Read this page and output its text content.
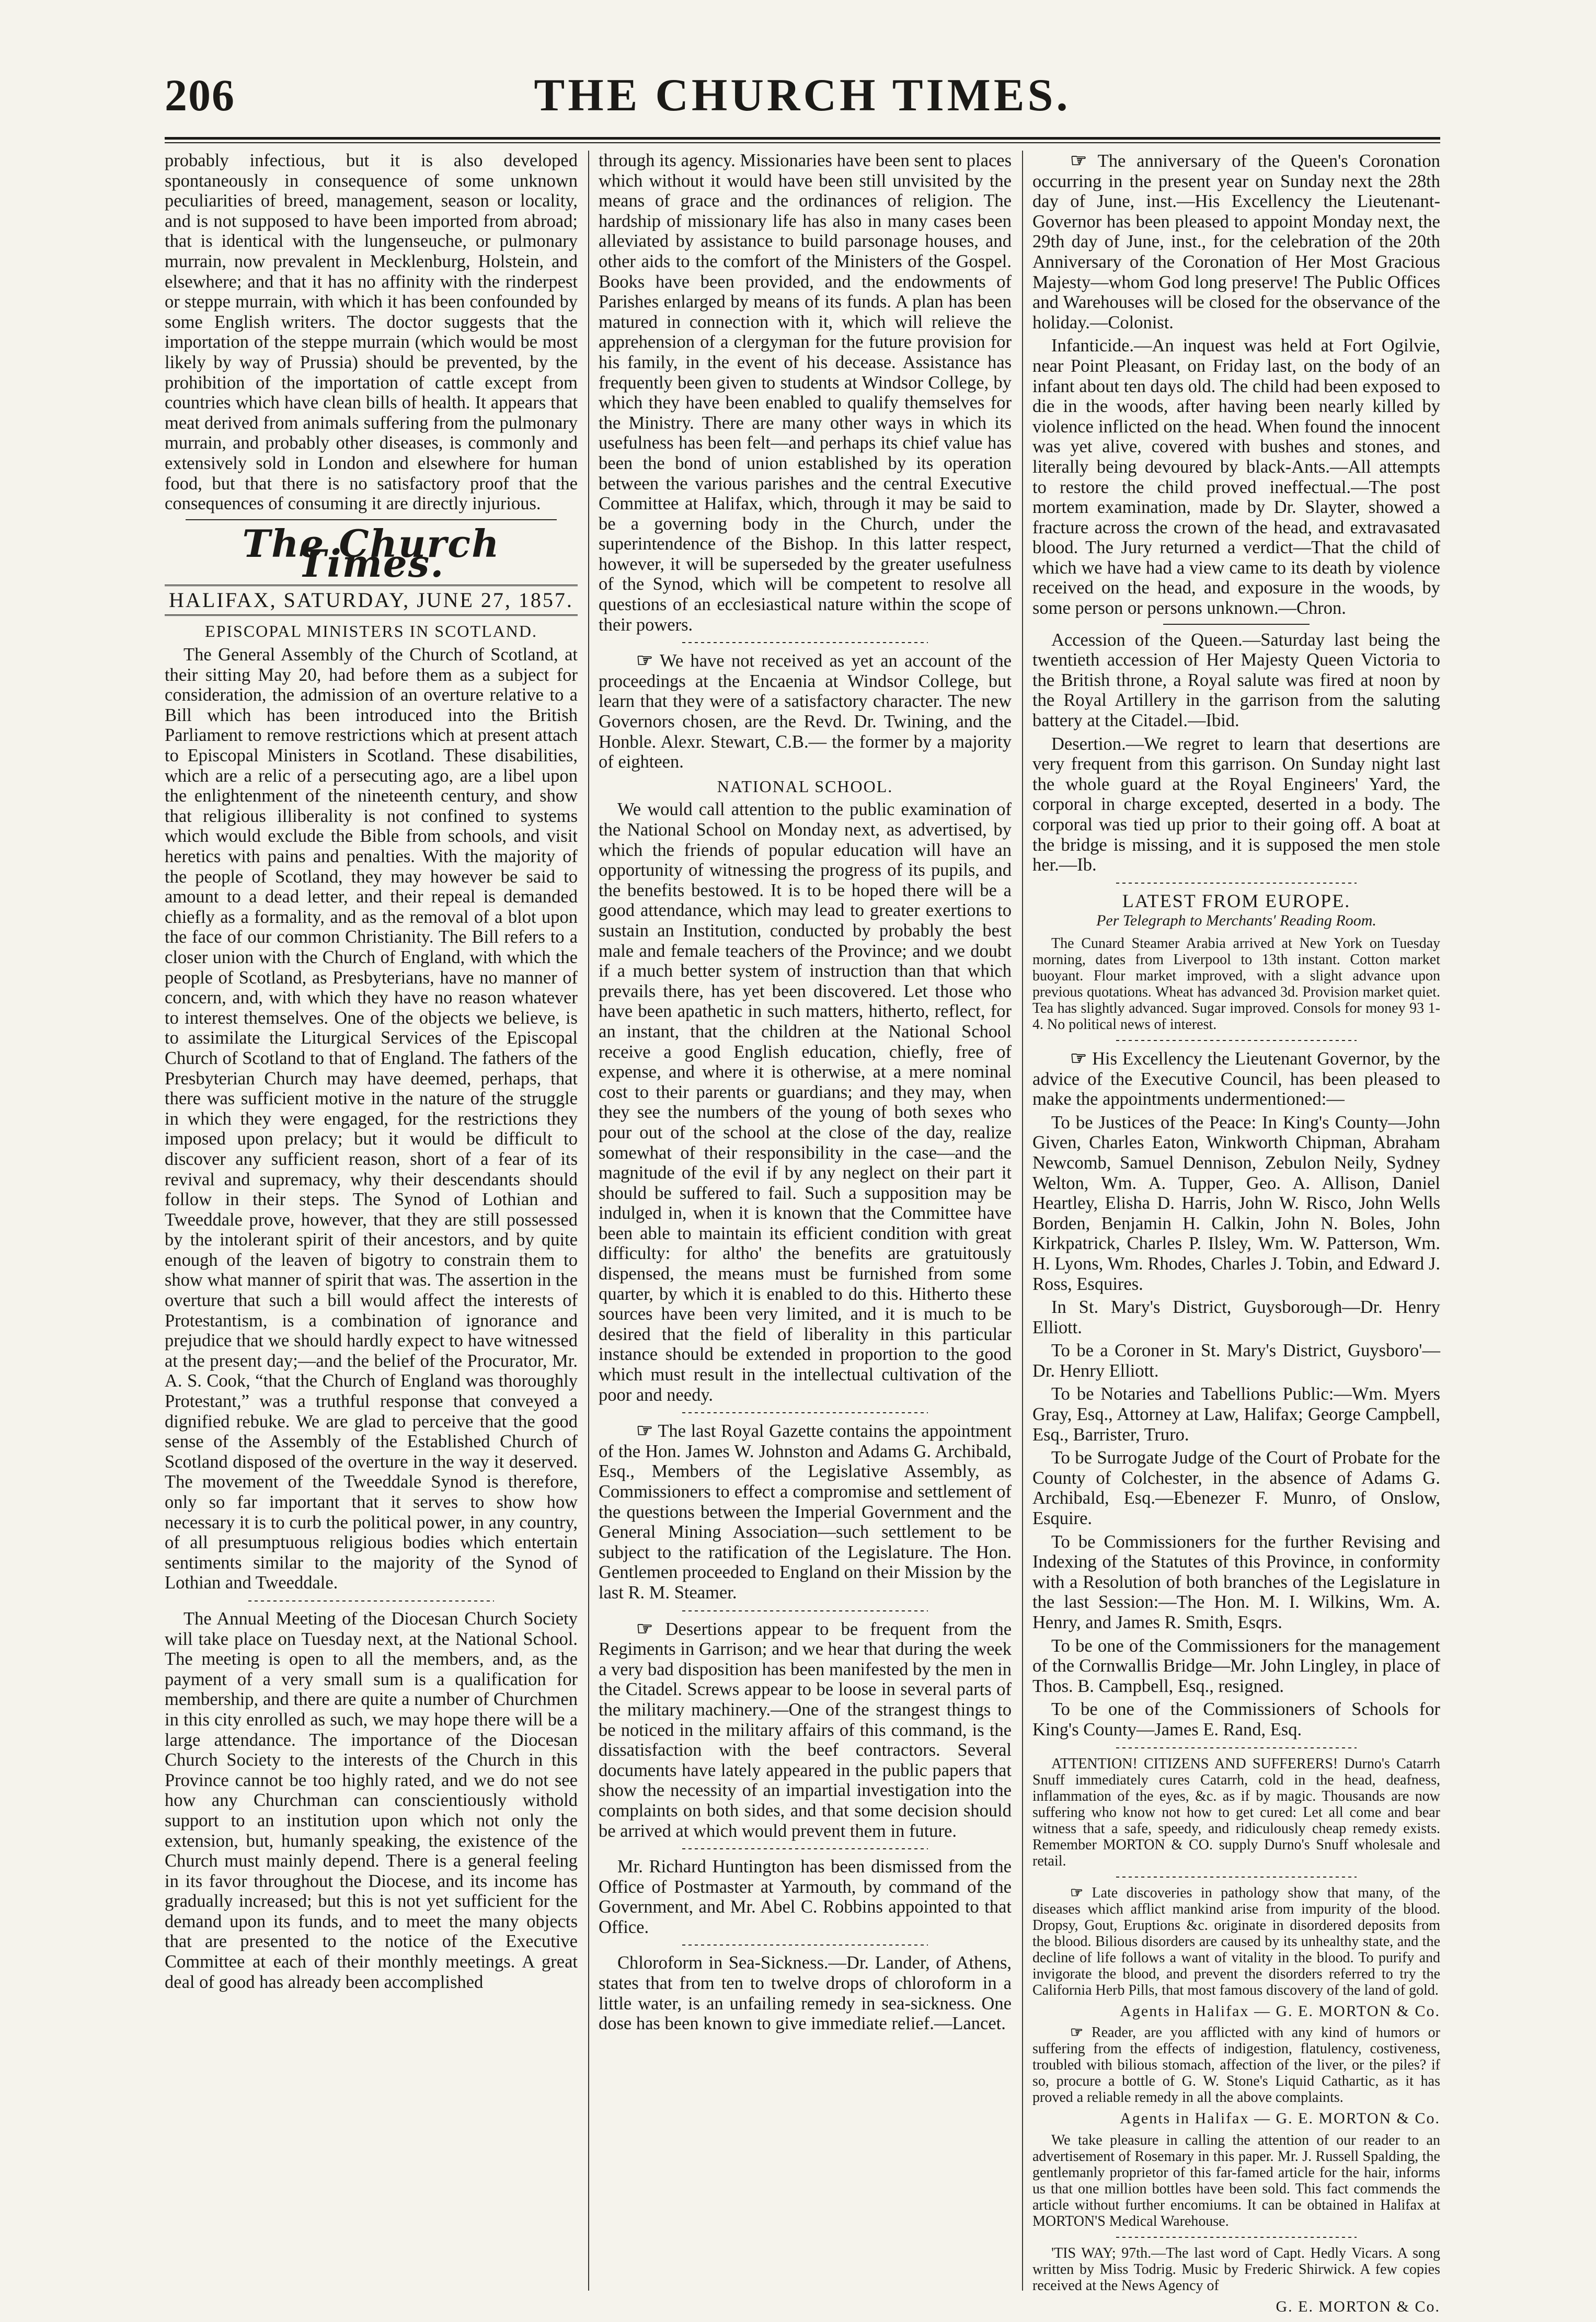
206	THE CHURCH TIMES.

probably infectious, but it is also developed spontaneously in consequence of some unknown peculiarities of breed, management, season or locality, and is not supposed to have been imported from abroad; that is identical with the lungenseuche, or pulmonary murrain, now prevalent in Mecklenburg, Holstein, and elsewhere; and that it has no affinity with the rinderpest or steppe murrain, with which it has been confounded by some English writers. The doctor suggests that the importation of the steppe murrain (which would be most likely by way of Prussia) should be prevented, by the prohibition of the importation of cattle except from countries which have clean bills of health. It appears that meat derived from animals suffering from the pulmonary murrain, and probably other diseases, is commonly and extensively sold in London and elsewhere for human food, but that there is no satisfactory proof that the consequences of consuming it are directly injurious.

The Church Times.
HALIFAX, SATURDAY, JUNE 27, 1857.
EPISCOPAL MINISTERS IN SCOTLAND.

The General Assembly of the Church of Scotland, at their sitting May 20, had before them as a subject for consideration, the admission of an overture relative to a Bill which has been introduced into the British Parliament to remove restrictions which at present attach to Episcopal Ministers in Scotland. These disabilities, which are a relic of a persecuting ago, are a libel upon the enlightenment of the nineteenth century, and show that religious illiberality is not confined to systems which would exclude the Bible from schools, and visit heretics with pains and penalties. With the majority of the people of Scotland, they may however be said to amount to a dead letter, and their repeal is demanded chiefly as a formality, and as the removal of a blot upon the face of our common Christianity. The Bill refers to a closer union with the Church of England, with which the people of Scotland, as Presbyterians, have no manner of concern, and, with which they have no reason whatever to interest themselves. One of the objects we believe, is to assimilate the Liturgical Services of the Episcopal Church of Scotland to that of England. The fathers of the Presbyterian Church may have deemed, perhaps, that there was sufficient motive in the nature of the struggle in which they were engaged, for the restrictions they imposed upon prelacy; but it would be difficult to discover any sufficient reason, short of a fear of its revival and supremacy, why their descendants should follow in their steps. The Synod of Lothian and Tweeddale prove, however, that they are still possessed by the intolerant spirit of their ancestors, and by quite enough of the leaven of bigotry to constrain them to show what manner of spirit that was. The assertion in the overture that such a bill would affect the interests of Protestantism, is a combination of ignorance and prejudice that we should hardly expect to have witnessed at the present day;—and the belief of the Procurator, Mr. A. S. Cook, “that the Church of England was thoroughly Protestant,” was a truthful response that conveyed a dignified rebuke. We are glad to perceive that the good sense of the Assembly of the Established Church of Scotland disposed of the overture in the way it deserved. The movement of the Tweeddale Synod is therefore, only so far important that it serves to show how necessary it is to curb the political power, in any country, of all presumptuous religious bodies which entertain sentiments similar to the majority of the Synod of Lothian and Tweeddale.

The Annual Meeting of the Diocesan Church Society will take place on Tuesday next, at the National School. The meeting is open to all the members, and, as the payment of a very small sum is a qualification for membership, and there are quite a number of Churchmen in this city enrolled as such, we may hope there will be a large attendance. The importance of the Diocesan Church Society to the interests of the Church in this Province cannot be too highly rated, and we do not see how any Churchman can conscientiously withold support to an institution upon which not only the extension, but, humanly speaking, the existence of the Church must mainly depend. There is a general feeling in its favor throughout the Diocese, and its income has gradually increased; but this is not yet sufficient for the demand upon its funds, and to meet the many objects that are presented to the notice of the Executive Committee at each of their monthly meetings. A great deal of good has already been accomplished

through its agency. Missionaries have been sent to places which without it would have been still unvisited by the means of grace and the ordinances of religion. The hardship of missionary life has also in many cases been alleviated by assistance to build parsonage houses, and other aids to the comfort of the Ministers of the Gospel. Books have been provided, and the endowments of Parishes enlarged by means of its funds. A plan has been matured in connection with it, which will relieve the apprehension of a clergyman for the future provision for his family, in the event of his decease. Assistance has frequently been given to students at Windsor College, by which they have been enabled to qualify themselves for the Ministry. There are many other ways in which its usefulness has been felt—and perhaps its chief value has been the bond of union established by its operation between the various parishes and the central Executive Committee at Halifax, which, through it may be said to be a governing body in the Church, under the superintendence of the Bishop. In this latter respect, however, it will be superseded by the greater usefulness of the Synod, which will be competent to resolve all questions of an ecclesiastical nature within the scope of their powers.

☞ We have not received as yet an account of the proceedings at the Encaenia at Windsor College, but learn that they were of a satisfactory character. The new Governors chosen, are the Revd. Dr. Twining, and the Honble. Alexr. Stewart, C.B.— the former by a majority of eighteen.

NATIONAL SCHOOL.

We would call attention to the public examination of the National School on Monday next, as advertised, by which the friends of popular education will have an opportunity of witnessing the progress of its pupils, and the benefits bestowed. It is to be hoped there will be a good attendance, which may lead to greater exertions to sustain an Institution, conducted by probably the best male and female teachers of the Province; and we doubt if a much better system of instruction than that which prevails there, has yet been discovered. Let those who have been apathetic in such matters, hitherto, reflect, for an instant, that the children at the National School receive a good English education, chiefly, free of expense, and where it is otherwise, at a mere nominal cost to their parents or guardians; and they may, when they see the numbers of the young of both sexes who pour out of the school at the close of the day, realize somewhat of their responsibility in the case—and the magnitude of the evil if by any neglect on their part it should be suffered to fail. Such a supposition may be indulged in, when it is known that the Committee have been able to maintain its efficient condition with great difficulty: for altho' the benefits are gratuitously dispensed, the means must be furnished from some quarter, by which it is enabled to do this. Hitherto these sources have been very limited, and it is much to be desired that the field of liberality in this particular instance should be extended in proportion to the good which must result in the intellectual cultivation of the poor and needy.

☞ The last Royal Gazette contains the appointment of the Hon. James W. Johnston and Adams G. Archibald, Esq., Members of the Legislative Assembly, as Commissioners to effect a compromise and settlement of the questions between the Imperial Government and the General Mining Association—such settlement to be subject to the ratification of the Legislature. The Hon. Gentlemen proceeded to England on their Mission by the last R. M. Steamer.

☞ Desertions appear to be frequent from the Regiments in Garrison; and we hear that during the week a very bad disposition has been manifested by the men in the Citadel. Screws appear to be loose in several parts of the military machinery.—One of the strangest things to be noticed in the military affairs of this command, is the dissatisfaction with the beef contractors. Several documents have lately appeared in the public papers that show the necessity of an impartial investigation into the complaints on both sides, and that some decision should be arrived at which would prevent them in future.

Mr. Richard Huntington has been dismissed from the Office of Postmaster at Yarmouth, by command of the Government, and Mr. Abel C. Robbins appointed to that Office.

Chloroform in Sea-Sickness.—Dr. Lander, of Athens, states that from ten to twelve drops of chloroform in a little water, is an unfailing remedy in sea-sickness. One dose has been known to give immediate relief.—Lancet.

☞ The anniversary of the Queen's Coronation occurring in the present year on Sunday next the 28th day of June, inst.—His Excellency the Lieutenant-Governor has been pleased to appoint Monday next, the 29th day of June, inst., for the celebration of the 20th Anniversary of the Coronation of Her Most Gracious Majesty—whom God long preserve! The Public Offices and Warehouses will be closed for the observance of the holiday.—Colonist.

Infanticide.—An inquest was held at Fort Ogilvie, near Point Pleasant, on Friday last, on the body of an infant about ten days old. The child had been exposed to die in the woods, after having been nearly killed by violence inflicted on the head. When found the innocent was yet alive, covered with bushes and stones, and literally being devoured by black-Ants.—All attempts to restore the child proved ineffectual.—The post mortem examination, made by Dr. Slayter, showed a fracture across the crown of the head, and extravasated blood. The Jury returned a verdict—That the child of which we have had a view came to its death by violence received on the head, and exposure in the woods, by some person or persons unknown.—Chron.

Accession of the Queen.—Saturday last being the twentieth accession of Her Majesty Queen Victoria to the British throne, a Royal salute was fired at noon by the Royal Artillery in the garrison from the saluting battery at the Citadel.—Ibid.

Desertion.—We regret to learn that desertions are very frequent from this garrison. On Sunday night last the whole guard at the Royal Engineers' Yard, the corporal in charge excepted, deserted in a body. The corporal was tied up prior to their going off. A boat at the bridge is missing, and it is supposed the men stole her.—Ib.

LATEST FROM EUROPE.
Per Telegraph to Merchants' Reading Room.

The Cunard Steamer Arabia arrived at New York on Tuesday morning, dates from Liverpool to 13th instant. Cotton market buoyant. Flour market improved, with a slight advance upon previous quotations. Wheat has advanced 3d. Provision market quiet. Tea has slightly advanced. Sugar improved. Consols for money 93 1-4. No political news of interest.

☞ His Excellency the Lieutenant Governor, by the advice of the Executive Council, has been pleased to make the appointments undermentioned:—

To be Justices of the Peace: In King's County—John Given, Charles Eaton, Winkworth Chipman, Abraham Newcomb, Samuel Dennison, Zebulon Neily, Sydney Welton, Wm. A. Tupper, Geo. A. Allison, Daniel Heartley, Elisha D. Harris, John W. Risco, John Wells Borden, Benjamin H. Calkin, John N. Boles, John Kirkpatrick, Charles P. Ilsley, Wm. W. Patterson, Wm. H. Lyons, Wm. Rhodes, Charles J. Tobin, and Edward J. Ross, Esquires.

In St. Mary's District, Guysborough—Dr. Henry Elliott.

To be a Coroner in St. Mary's District, Guysboro'—Dr. Henry Elliott.

To be Notaries and Tabellions Public:—Wm. Myers Gray, Esq., Attorney at Law, Halifax; George Campbell, Esq., Barrister, Truro.

To be Surrogate Judge of the Court of Probate for the County of Colchester, in the absence of Adams G. Archibald, Esq.—Ebenezer F. Munro, of Onslow, Esquire.

To be Commissioners for the further Revising and Indexing of the Statutes of this Province, in conformity with a Resolution of both branches of the Legislature in the last Session:—The Hon. M. I. Wilkins, Wm. A. Henry, and James R. Smith, Esqrs.

To be one of the Commissioners for the management of the Cornwallis Bridge—Mr. John Lingley, in place of Thos. B. Campbell, Esq., resigned.

To be one of the Commissioners of Schools for King's County—James E. Rand, Esq.

ATTENTION! CITIZENS AND SUFFERERS! Durno's Catarrh Snuff immediately cures Catarrh, cold in the head, deafness, inflammation of the eyes, &c. as if by magic. Thousands are now suffering who know not how to get cured: Let all come and bear witness that a safe, speedy, and ridiculously cheap remedy exists. Remember MORTON & CO. supply Durno's Snuff wholesale and retail.

☞ Late discoveries in pathology show that many, of the diseases which afflict mankind arise from impurity of the blood. Dropsy, Gout, Eruptions &c. originate in disordered deposits from the blood. Bilious disorders are caused by its unhealthy state, and the decline of life follows a want of vitality in the blood. To purify and invigorate the blood, and prevent the disorders referred to try the California Herb Pills, that most famous discovery of the land of gold.

Agents in Halifax — G. E. MORTON & Co.

☞ Reader, are you afflicted with any kind of humors or suffering from the effects of indigestion, flatulency, costiveness, troubled with bilious stomach, affection of the liver, or the piles? if so, procure a bottle of G. W. Stone's Liquid Cathartic, as it has proved a reliable remedy in all the above complaints.

Agents in Halifax — G. E. MORTON & Co.

We take pleasure in calling the attention of our reader to an advertisement of Rosemary in this paper. Mr. J. Russell Spalding, the gentlemanly proprietor of this far-famed article for the hair, informs us that one million bottles have been sold. This fact commends the article without further encomiums. It can be obtained in Halifax at MORTON'S Medical Warehouse.

'TIS WAY; 97th.—The last word of Capt. Hedly Vicars. A song written by Miss Todrig. Music by Frederic Shirwick. A few copies received at the News Agency of

G. E. MORTON & Co.
